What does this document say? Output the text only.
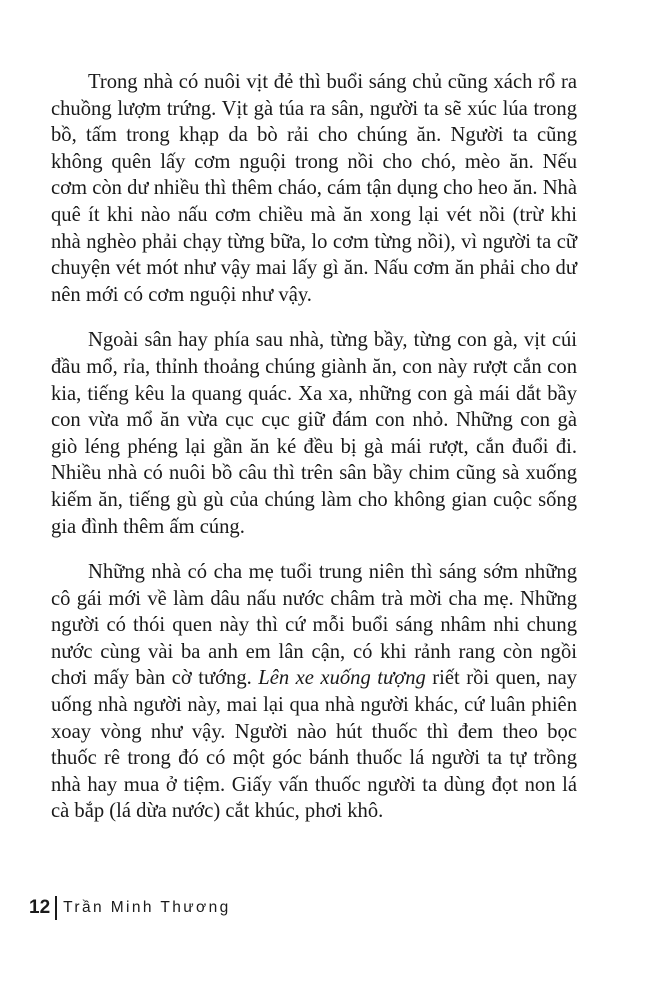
Trong nhà có nuôi vịt đẻ thì buổi sáng chủ cũng xách rổ ra chuồng lượm trứng. Vịt gà túa ra sân, người ta sẽ xúc lúa trong bồ, tấm trong khạp da bò rải cho chúng ăn. Người ta cũng không quên lấy cơm nguội trong nồi cho chó, mèo ăn. Nếu cơm còn dư nhiều thì thêm cháo, cám tận dụng cho heo ăn. Nhà quê ít khi nào nấu cơm chiều mà ăn xong lại vét nồi (trừ khi nhà nghèo phải chạy từng bữa, lo cơm từng nồi), vì người ta cữ chuyện vét mót như vậy mai lấy gì ăn. Nấu cơm ăn phải cho dư nên mới có cơm nguội như vậy.

Ngoài sân hay phía sau nhà, từng bầy, từng con gà, vịt cúi đầu mổ, rỉa, thỉnh thoảng chúng giành ăn, con này rượt cắn con kia, tiếng kêu la quang quác. Xa xa, những con gà mái dắt bầy con vừa mổ ăn vừa cục cục giữ đám con nhỏ. Những con gà giò léng phéng lại gần ăn ké đều bị gà mái rượt, cắn đuổi đi. Nhiều nhà có nuôi bồ câu thì trên sân bầy chim cũng sà xuống kiếm ăn, tiếng gù gù của chúng làm cho không gian cuộc sống gia đình thêm ấm cúng.

Những nhà có cha mẹ tuổi trung niên thì sáng sớm những cô gái mới về làm dâu nấu nước châm trà mời cha mẹ. Những người có thói quen này thì cứ mỗi buổi sáng nhâm nhi chung nước cùng vài ba anh em lân cận, có khi rảnh rang còn ngồi chơi mấy bàn cờ tướng. Lên xe xuống tượng riết rồi quen, nay uống nhà người này, mai lại qua nhà người khác, cứ luân phiên xoay vòng như vậy. Người nào hút thuốc thì đem theo bọc thuốc rê trong đó có một góc bánh thuốc lá người ta tự trồng nhà hay mua ở tiệm. Giấy vấn thuốc người ta dùng đọt non lá cà bắp (lá dừa nước) cắt khúc, phơi khô.

12 Trần Minh Thương
